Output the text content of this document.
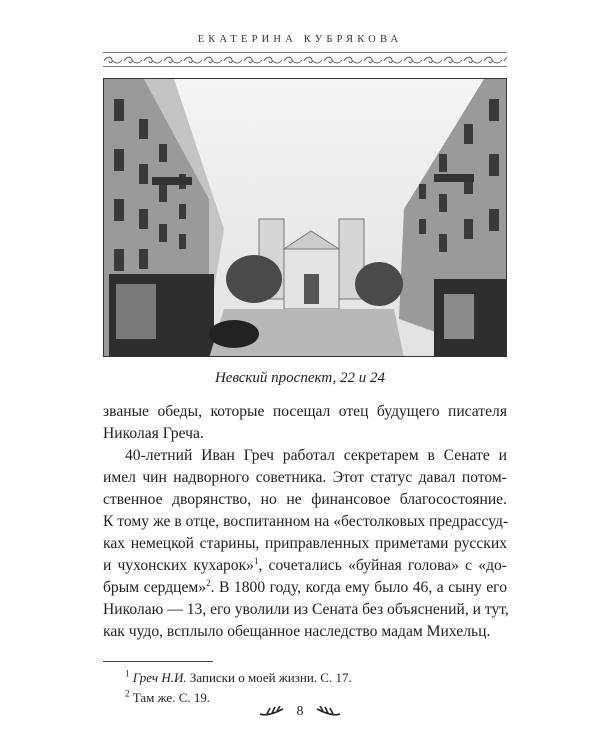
ЕКАТЕРИНА КУБРЯКОВА
Невский проспект, 22 и 24
званые обеды, которые посещал отец будущего писателя
Николая Греча.
40-летний Иван Греч работал секретарем в Сенате и
имел чин надворного советника. Этот статус давал потом-
ственное дворянство, но не финансовое благосостояние.
К тому же в отце, воспитанном на «бестолковых предрассуд-
ках немецкой старины, приправленных приметами русских
и чухонских кухарок»$^1$, сочетались «буйная голова» с «до-
брым сердцем»$^2$. В 1800 году, когда ему было 46, а сыну его
Николаю — 13, его уволили из Сената без объяснений, и тут,
как чудо, всплыло обещанное наследство мадам Михельц.
$^1$ Греч Н.И. Записки о моей жизни. С. 17.
$^2$ Там же. С. 19.
8
